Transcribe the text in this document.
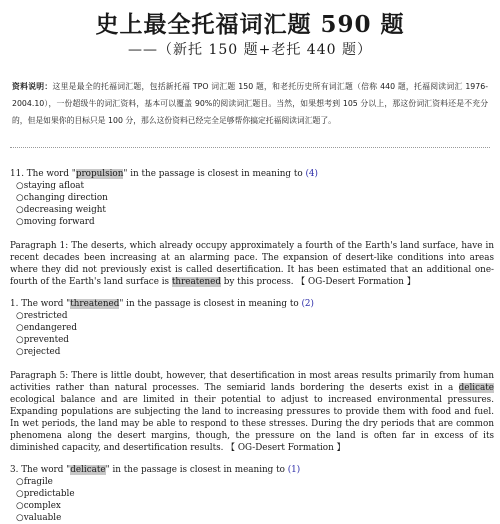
史上最全托福词汇题 590 题
——（新托 150 题+老托 440 题）
资料说明：这里是最全的托福词汇题，包括新托福 TPO 词汇题 150 题，和老托历史所有词汇题（倍称 440 题，托福阅读词汇 1976-2004.10），一份超级牛的词汇资料，基本可以覆盖 90%的阅读词汇题目。当然，如果想考到 105 分以上，那这份词汇资料还是不充分的，但是如果你的目标只是 100 分，那么这份资料已经完全足够帮你搞定托福阅读词汇题了。
11. The word "propulsion" in the passage is closest in meaning to (4)
○staying afloat
○changing direction
○decreasing weight
○moving forward
Paragraph 1: The deserts, which already occupy approximately a fourth of the Earth's land surface, have in recent decades been increasing at an alarming pace. The expansion of desert-like conditions into areas where they did not previously exist is called desertification. It has been estimated that an additional one-fourth of the Earth's land surface is threatened by this process. 【 OG-Desert Formation 】
1. The word "threatened" in the passage is closest in meaning to (2)
○restricted
○endangered
○prevented
○rejected
Paragraph 5: There is little doubt, however, that desertification in most areas results primarily from human activities rather than natural processes. The semiarid lands bordering the deserts exist in a delicate ecological balance and are limited in their potential to adjust to increased environmental pressures. Expanding populations are subjecting the land to increasing pressures to provide them with food and fuel. In wet periods, the land may be able to respond to these stresses. During the dry periods that are common phenomena along the desert margins, though, the pressure on the land is often far in excess of its diminished capacity, and desertification results. 【 OG-Desert Formation 】
3. The word "delicate" in the passage is closest in meaning to (1)
○fragile
○predictable
○complex
○valuable
